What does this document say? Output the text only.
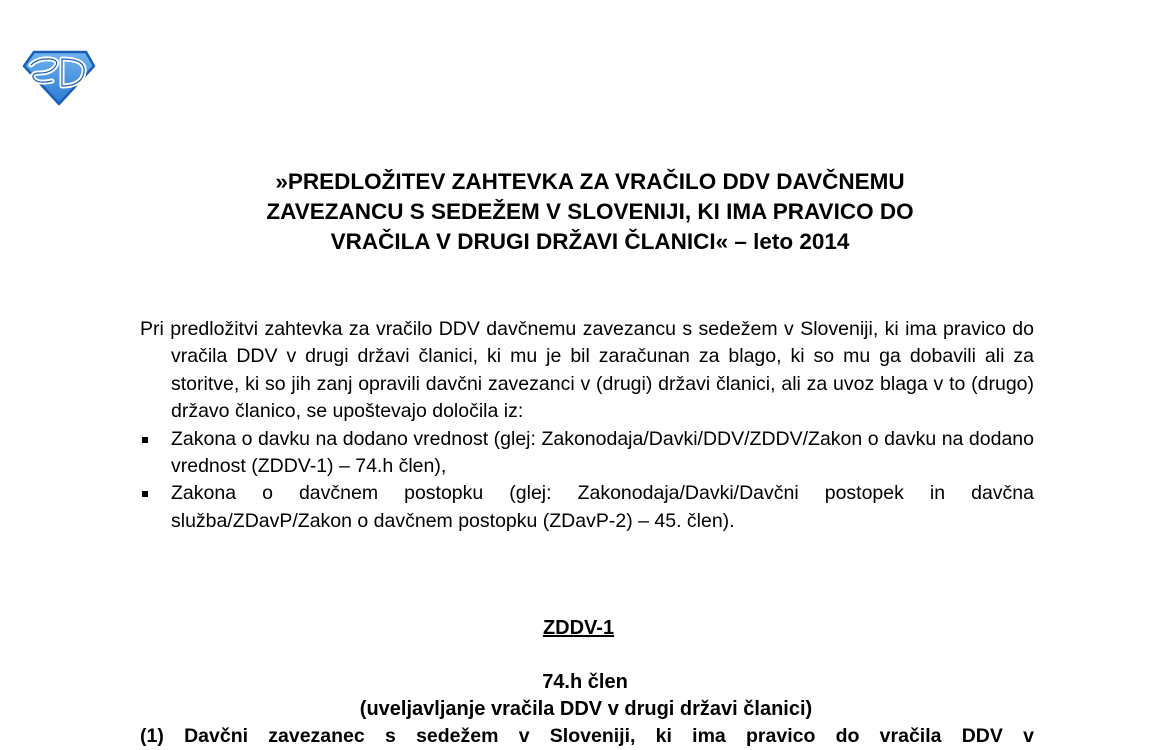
»PREDLOŽITEV ZAHTEVKA ZA VRAČILO DDV DAVČNEMU
ZAVEZANCU S SEDEŽEM V SLOVENIJI, KI IMA PRAVICO DO
VRAČILA V DRUGI DRŽAVI ČLANICI« – leto 2014
Pri predložitvi zahtevka za vračilo DDV davčnemu zavezancu s sedežem v Sloveniji, ki ima pravico do vračila DDV v drugi državi članici, ki mu je bil zaračunan za blago, ki so mu ga dobavili ali za storitve, ki so jih zanj opravili davčni zavezanci v (drugi) državi članici, ali za uvoz blaga v to (drugo) državo članico, se upoštevajo določila iz:
Zakona o davku na dodano vrednost (glej: Zakonodaja/Davki/DDV/ZDDV/Zakon o davku na dodano vrednost (ZDDV-1) – 74.h člen),
Zakona o davčnem postopku (glej: Zakonodaja/Davki/Davčni postopek in davčna služba/ZDavP/Zakon o davčnem postopku (ZDavP-2) – 45. člen).
ZDDV-1
74.h člen
(uveljavljanje vračila DDV v drugi državi članici)
(1) Davčni zavezanec s sedežem v Sloveniji, ki ima pravico do vračila DDV v
